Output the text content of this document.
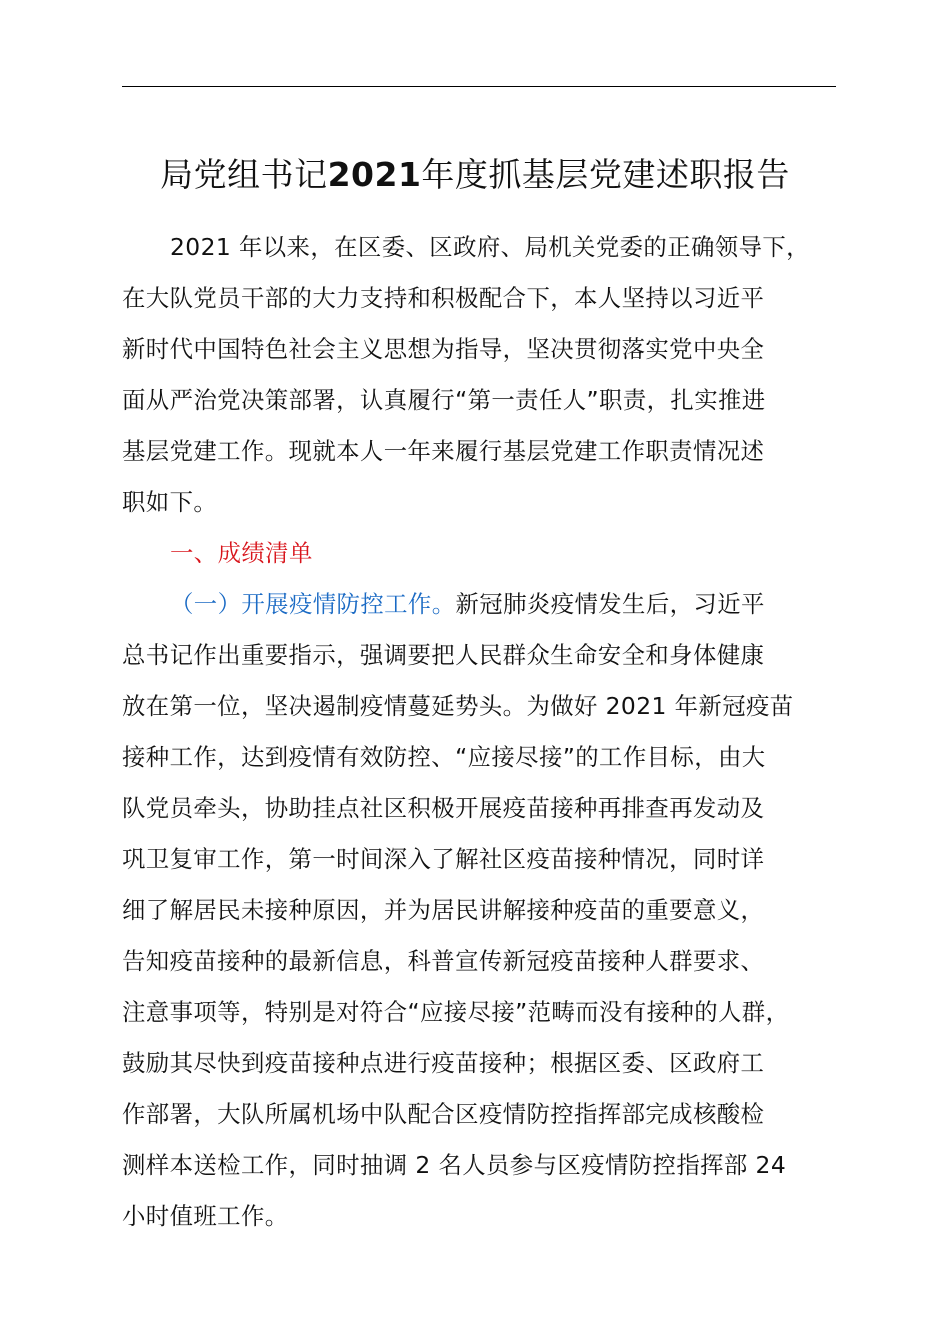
局党组书记2021年度抓基层党建述职报告
2021 年以来，在区委、区政府、局机关党委的正确领导下，
在大队党员干部的大力支持和积极配合下，本人坚持以习近平
新时代中国特色社会主义思想为指导，坚决贯彻落实党中央全
面从严治党决策部署，认真履行“第一责任人”职责，扎实推进
基层党建工作。现就本人一年来履行基层党建工作职责情况述
职如下。
一、成绩清单
（一）开展疫情防控工作。新冠肺炎疫情发生后，习近平
总书记作出重要指示，强调要把人民群众生命安全和身体健康
放在第一位，坚决遏制疫情蔓延势头。为做好 2021 年新冠疫苗
接种工作，达到疫情有效防控、“应接尽接”的工作目标，由大
队党员牵头，协助挂点社区积极开展疫苗接种再排查再发动及
巩卫复审工作，第一时间深入了解社区疫苗接种情况，同时详
细了解居民未接种原因，并为居民讲解接种疫苗的重要意义，
告知疫苗接种的最新信息，科普宣传新冠疫苗接种人群要求、
注意事项等，特别是对符合“应接尽接”范畴而没有接种的人群，
鼓励其尽快到疫苗接种点进行疫苗接种；根据区委、区政府工
作部署，大队所属机场中队配合区疫情防控指挥部完成核酸检
测样本送检工作，同时抽调 2 名人员参与区疫情防控指挥部 24
小时值班工作。
